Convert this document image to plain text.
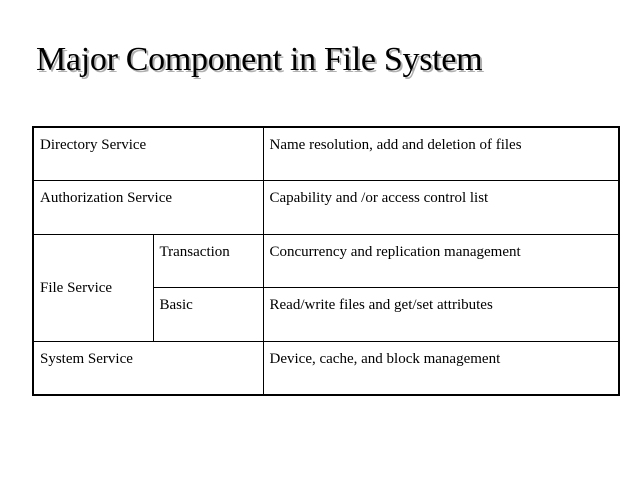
Major Component in File System
Directory Service		Name resolution, add and deletion of files
Authorization Service		Capability and /or access control list
File Service	Transaction	Concurrency and replication management
	Basic	Read/write files and get/set attributes
System Service		Device, cache, and block management
